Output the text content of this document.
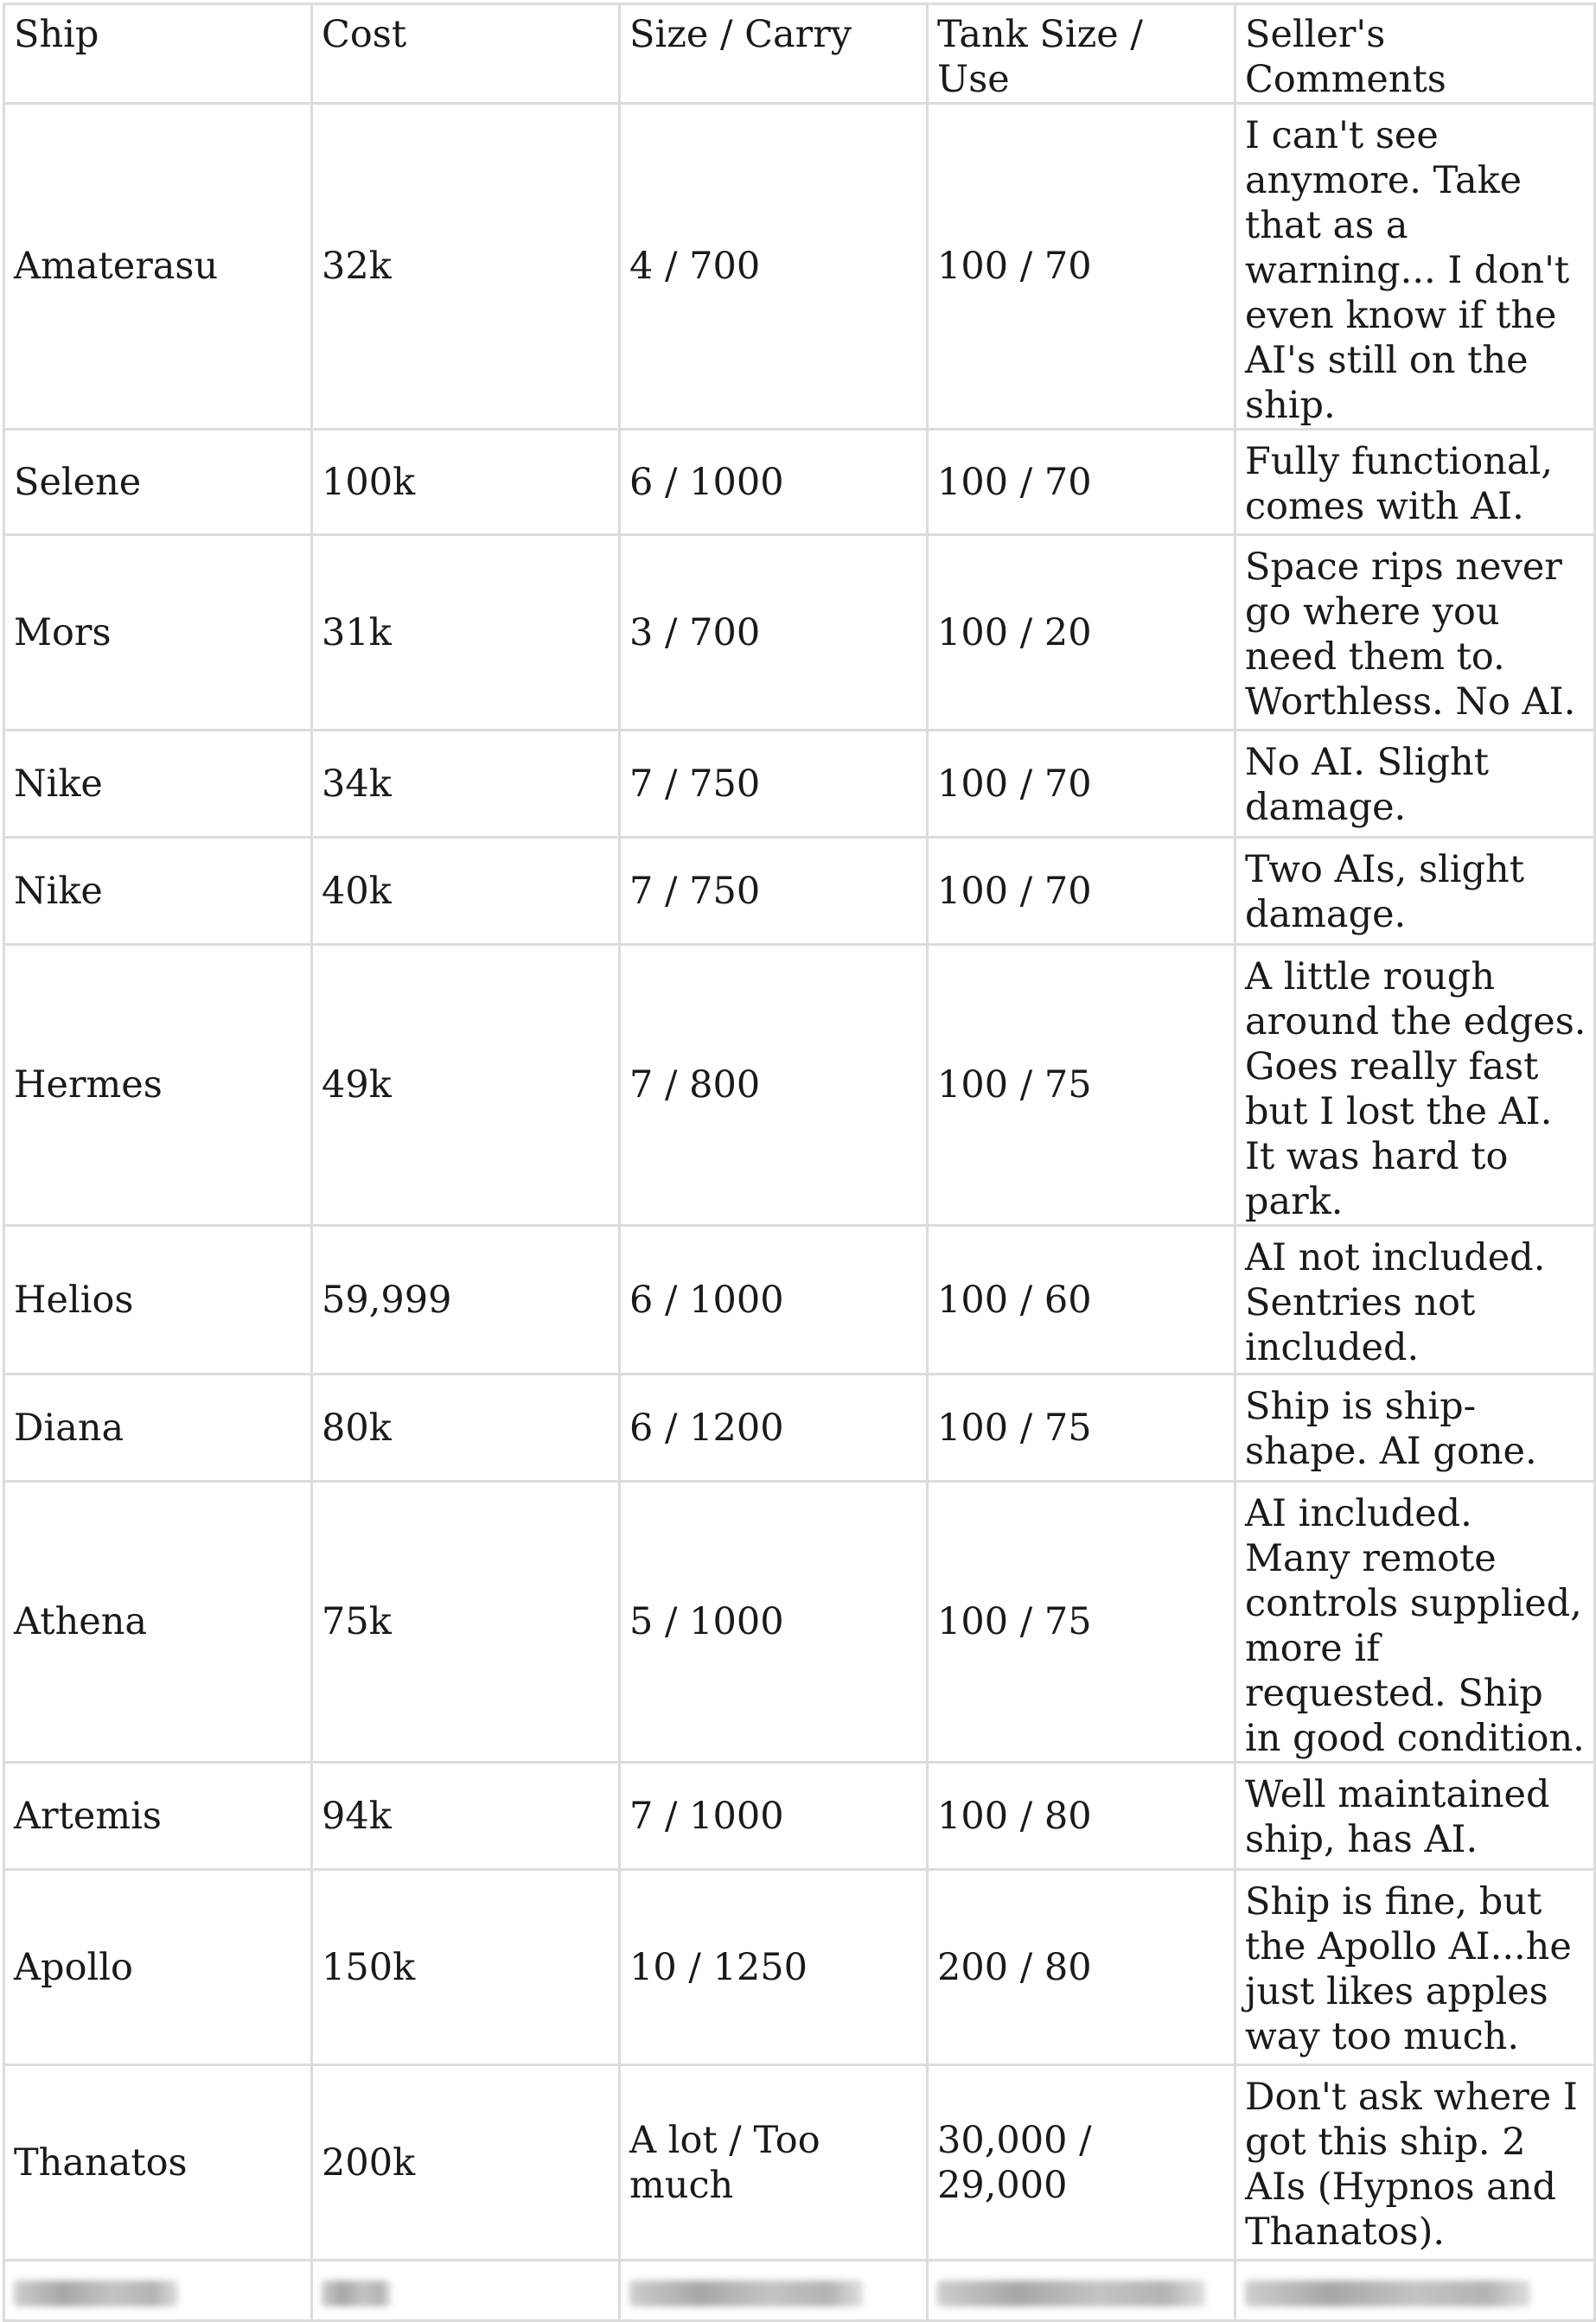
Ship	Cost	Size / Carry	Tank Size / Use	Seller's Comments
Amaterasu	32k	4 / 700	100 / 70	I can't see anymore. Take that as a warning... I don't even know if the AI's still on the ship.
Selene	100k	6 / 1000	100 / 70	Fully functional, comes with AI.
Mors	31k	3 / 700	100 / 20	Space rips never go where you need them to. Worthless. No AI.
Nike	34k	7 / 750	100 / 70	No AI. Slight damage.
Nike	40k	7 / 750	100 / 70	Two AIs, slight damage.
Hermes	49k	7 / 800	100 / 75	A little rough around the edges. Goes really fast but I lost the AI. It was hard to park.
Helios	59,999	6 / 1000	100 / 60	AI not included. Sentries not included.
Diana	80k	6 / 1200	100 / 75	Ship is ship-shape. AI gone.
Athena	75k	5 / 1000	100 / 75	AI included. Many remote controls supplied, more if requested. Ship in good condition.
Artemis	94k	7 / 1000	100 / 80	Well maintained ship, has AI.
Apollo	150k	10 / 1250	200 / 80	Ship is fine, but the Apollo AI...he just likes apples way too much.
Thanatos	200k	A lot / Too much	30,000 / 29,000	Don't ask where I got this ship. 2 AIs (Hypnos and Thanatos).
